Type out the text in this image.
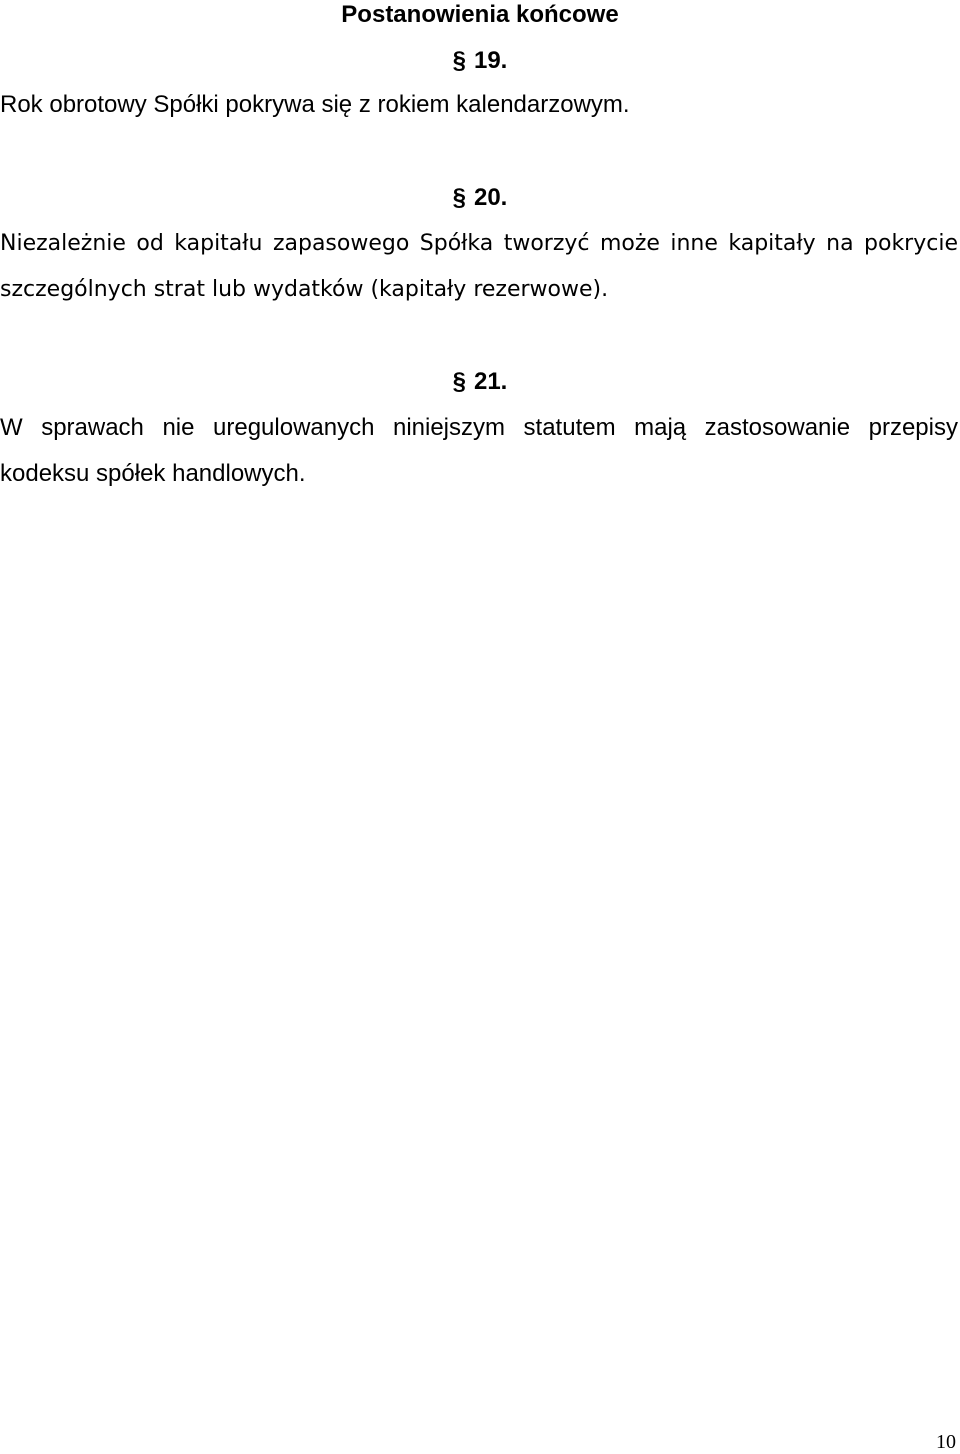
Postanowienia końcowe
§ 19.

Rok obrotowy Spółki pokrywa się z rokiem kalendarzowym.

§ 20.

Niezależnie od kapitału zapasowego Spółka tworzyć może inne kapitały na pokrycie szczególnych strat lub wydatków (kapitały rezerwowe).

§ 21.

W sprawach nie uregulowanych niniejszym statutem mają zastosowanie przepisy kodeksu spółek handlowych.

10
